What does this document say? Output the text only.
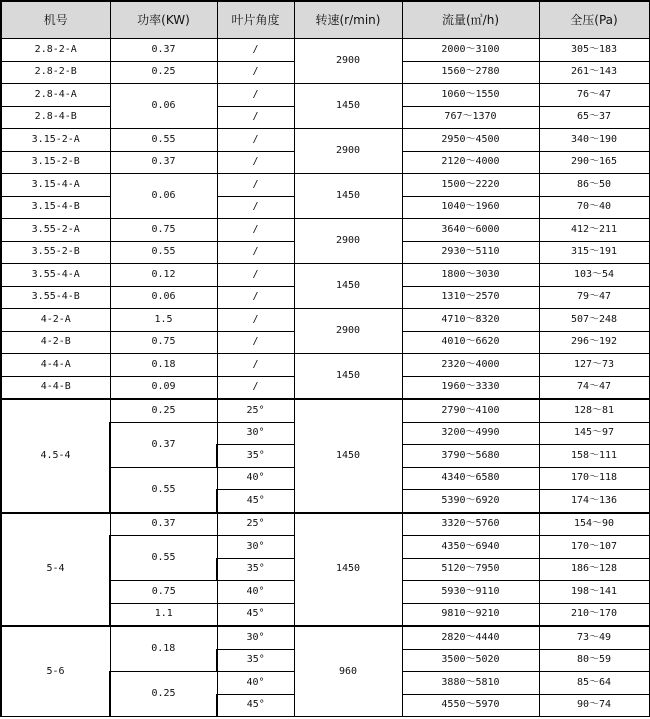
机号	功率(KW)	叶片角度	转速(r/min)	流量(㎥/h)	全压(Pa)
2.8-2-A	0.37	/	2900	2000～3100	305～183
2.8-2-B	0.25	/		1560～2780	261～143
2.8-4-A	0.06	/	1450	1060～1550	76～47
2.8-4-B		/		767～1370	65～37
3.15-2-A	0.55	/	2900	2950～4500	340～190
3.15-2-B	0.37	/		2120～4000	290～165
3.15-4-A	0.06	/	1450	1500～2220	86～50
3.15-4-B		/		1040～1960	70～40
3.55-2-A	0.75	/	2900	3640～6000	412～211
3.55-2-B	0.55	/		2930～5110	315～191
3.55-4-A	0.12	/	1450	1800～3030	103～54
3.55-4-B	0.06	/		1310～2570	79～47
4-2-A	1.5	/	2900	4710～8320	507～248
4-2-B	0.75	/		4010～6620	296～192
4-4-A	0.18	/	1450	2320～4000	127～73
4-4-B	0.09	/		1960～3330	74～47
4.5-4	0.25	25°	1450	2790～4100	128～81
	0.37	30°		3200～4990	145～97
		35°		3790～5680	158～111
	0.55	40°		4340～6580	170～118
		45°		5390～6920	174～136
5-4	0.37	25°	1450	3320～5760	154～90
	0.55	30°		4350～6940	170～107
		35°		5120～7950	186～128
	0.75	40°		5930～9110	198～141
	1.1	45°		9810～9210	210～170
5-6	0.18	30°	960	2820～4440	73～49
		35°		3500～5020	80～59
	0.25	40°		3880～5810	85～64
		45°		4550～5970	90～74
